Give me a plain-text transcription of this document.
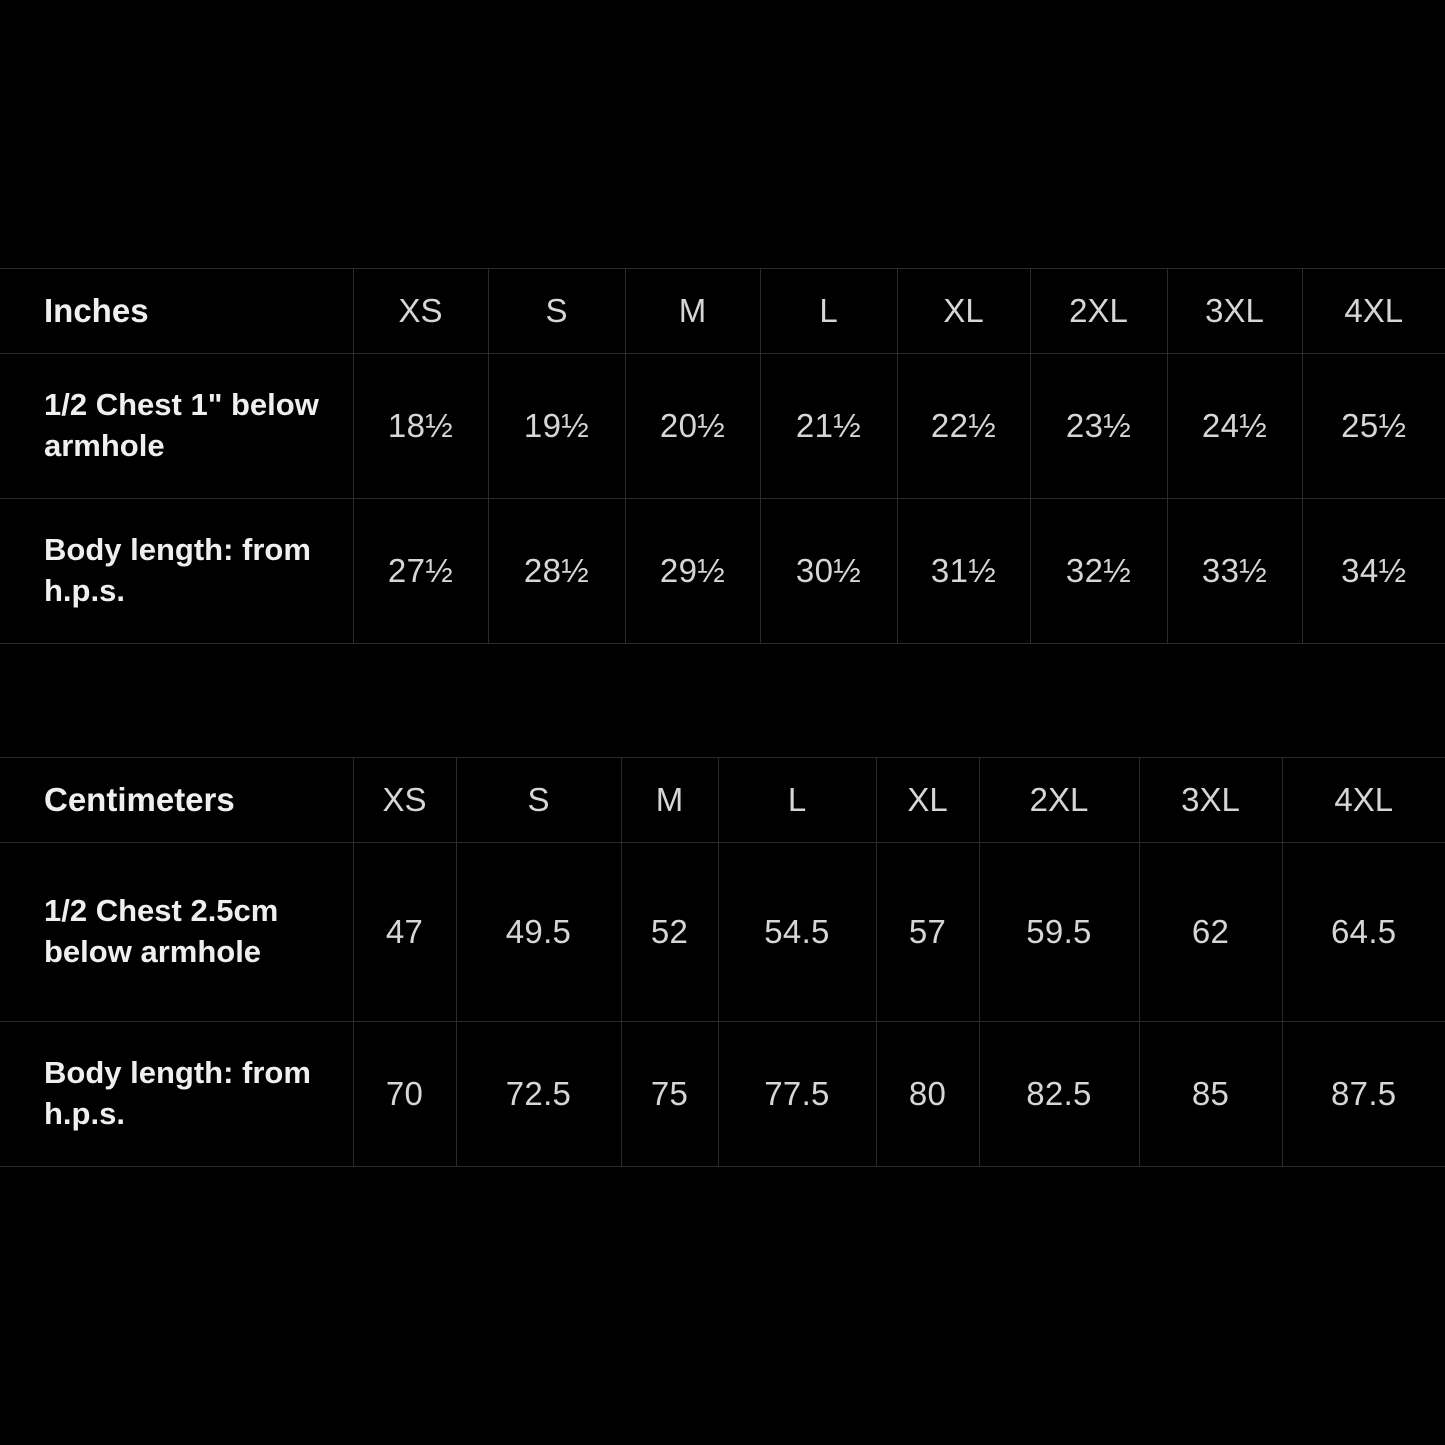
Inches	XS	S	M	L	XL	2XL	3XL	4XL
1/2 Chest 1" below armhole	18½	19½	20½	21½	22½	23½	24½	25½
Body length: from h.p.s.	27½	28½	29½	30½	31½	32½	33½	34½
Centimeters	XS	S	M	L	XL	2XL	3XL	4XL
1/2 Chest 2.5cm below armhole	47	49.5	52	54.5	57	59.5	62	64.5
Body length: from h.p.s.	70	72.5	75	77.5	80	82.5	85	87.5
